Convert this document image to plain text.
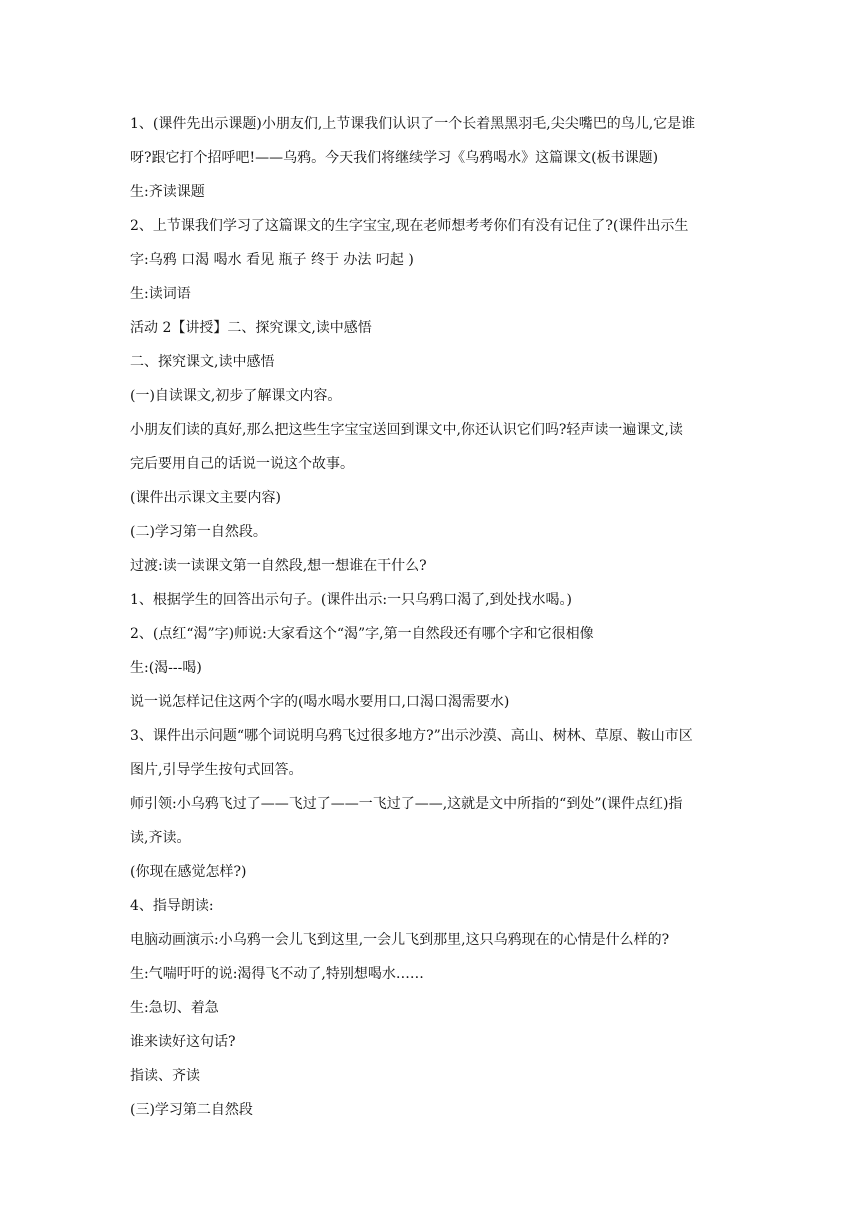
1、(课件先出示课题)小朋友们,上节课我们认识了一个长着黑黑羽毛,尖尖嘴巴的鸟儿,它是谁
呀?跟它打个招呼吧!——乌鸦。今天我们将继续学习《乌鸦喝水》这篇课文(板书课题)
生:齐读课题
2、上节课我们学习了这篇课文的生字宝宝,现在老师想考考你们有没有记住了?(课件出示生
字:乌鸦 口渴 喝水 看见 瓶子 终于 办法 叼起 )
生:读词语
活动 2【讲授】二、探究课文,读中感悟
二、探究课文,读中感悟
(一)自读课文,初步了解课文内容。
小朋友们读的真好,那么把这些生字宝宝送回到课文中,你还认识它们吗?轻声读一遍课文,读
完后要用自己的话说一说这个故事。
(课件出示课文主要内容)
(二)学习第一自然段。
过渡:读一读课文第一自然段,想一想谁在干什么?
1、根据学生的回答出示句子。(课件出示:一只乌鸦口渴了,到处找水喝。)
2、(点红“渴”字)师说:大家看这个“渴”字,第一自然段还有哪个字和它很相像
生:(渴---喝)
说一说怎样记住这两个字的(喝水喝水要用口,口渴口渴需要水)
3、课件出示问题“哪个词说明乌鸦飞过很多地方?”出示沙漠、高山、树林、草原、鞍山市区
图片,引导学生按句式回答。
师引领:小乌鸦飞过了——飞过了——一飞过了——,这就是文中所指的“到处”(课件点红)指
读,齐读。
(你现在感觉怎样?)
4、指导朗读:
电脑动画演示:小乌鸦一会儿飞到这里,一会儿飞到那里,这只乌鸦现在的心情是什么样的?
生:气喘吁吁的说:渴得飞不动了,特别想喝水……
生:急切、着急
谁来读好这句话?
指读、齐读
(三)学习第二自然段
